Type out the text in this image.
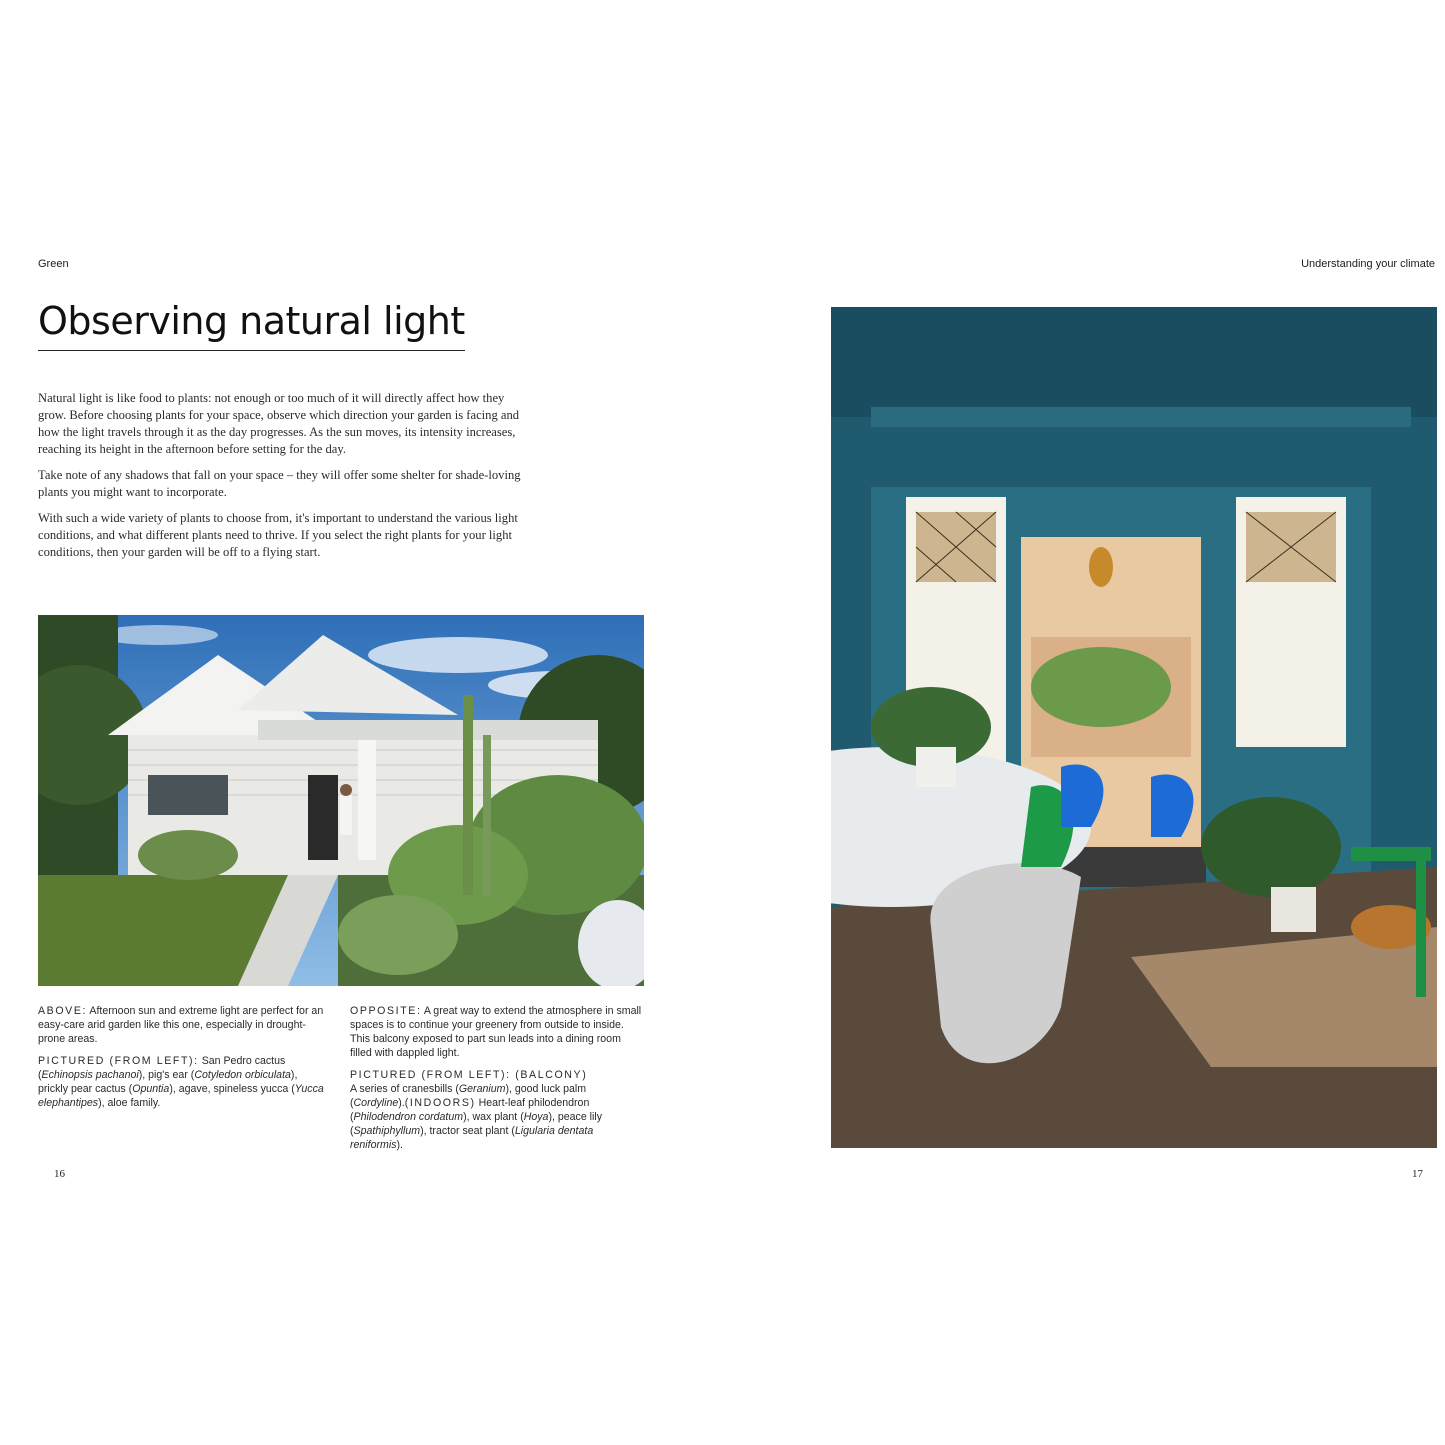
Green	Understanding your climate
Observing natural light

Natural light is like food to plants: not enough or too much of it will directly affect how they grow. Before choosing plants for your space, observe which direction your garden is facing and how the light travels through it as the day progresses. As the sun moves, its intensity increases, reaching its height in the afternoon before setting for the day.

Take note of any shadows that fall on your space – they will offer some shelter for shade-loving plants you might want to incorporate.

With such a wide variety of plants to choose from, it's important to understand the various light conditions, and what different plants need to thrive. If you select the right plants for your light conditions, then your garden will be off to a flying start.

ABOVE: Afternoon sun and extreme light are perfect for an easy-care arid garden like this one, especially in drought-prone areas.

PICTURED (FROM LEFT): San Pedro cactus (Echinopsis pachanoi), pig's ear (Cotyledon orbiculata), prickly pear cactus (Opuntia), agave, spineless yucca (Yucca elephantipes), aloe family.

OPPOSITE: A great way to extend the atmosphere in small spaces is to continue your greenery from outside to inside. This balcony exposed to part sun leads into a dining room filled with dappled light.

PICTURED (FROM LEFT): (BALCONY)
A series of cranesbills (Geranium), good luck palm (Cordyline).(INDOORS) Heart-leaf philodendron (Philodendron cordatum), wax plant (Hoya), peace lily (Spathiphyllum), tractor seat plant (Ligularia dentata reniformis).

16	17
